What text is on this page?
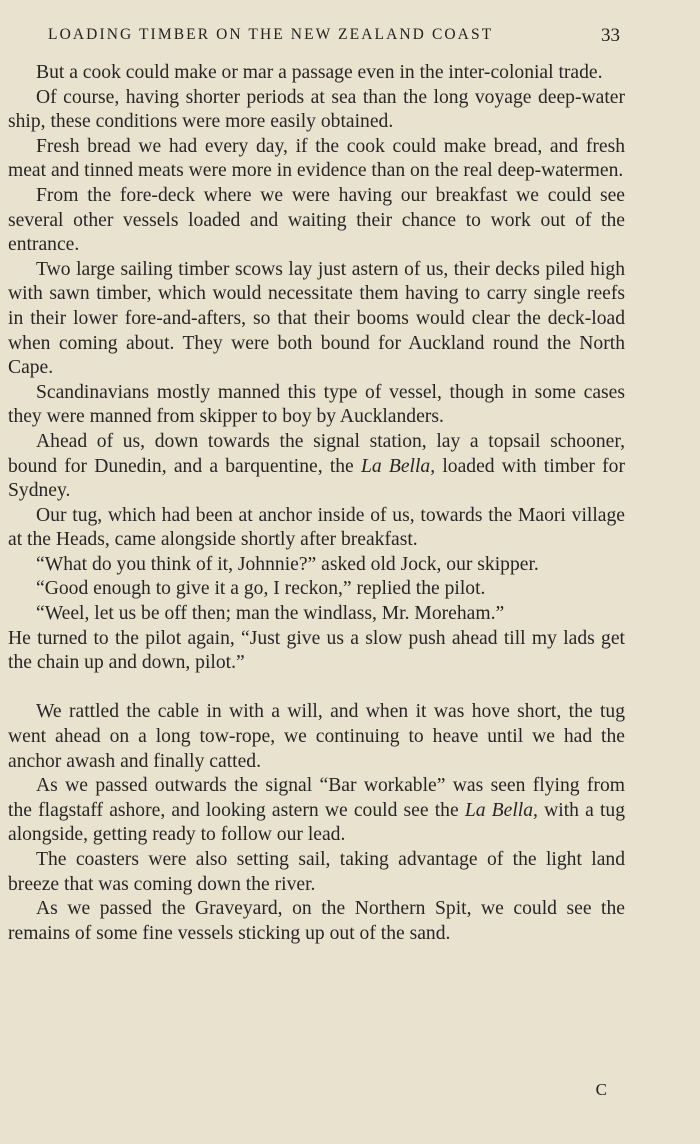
LOADING TIMBER ON THE NEW ZEALAND COAST	33

But a cook could make or mar a passage even in the inter-colonial trade.

Of course, having shorter periods at sea than the long voyage deep-water ship, these conditions were more easily obtained.

Fresh bread we had every day, if the cook could make bread, and fresh meat and tinned meats were more in evidence than on the real deep-watermen.

From the fore-deck where we were having our breakfast we could see several other vessels loaded and waiting their chance to work out of the entrance.

Two large sailing timber scows lay just astern of us, their decks piled high with sawn timber, which would necessitate them having to carry single reefs in their lower fore-and-afters, so that their booms would clear the deck-load when coming about. They were both bound for Auckland round the North Cape.

Scandinavians mostly manned this type of vessel, though in some cases they were manned from skipper to boy by Aucklanders.

Ahead of us, down towards the signal station, lay a topsail schooner, bound for Dunedin, and a barquentine, the La Bella, loaded with timber for Sydney.

Our tug, which had been at anchor inside of us, towards the Maori village at the Heads, came alongside shortly after breakfast.

“What do you think of it, Johnnie?” asked old Jock, our skipper.

“Good enough to give it a go, I reckon,” replied the pilot.

“Weel, let us be off then; man the windlass, Mr. Moreham.”

He turned to the pilot again, “Just give us a slow push ahead till my lads get the chain up and down, pilot.”

We rattled the cable in with a will, and when it was hove short, the tug went ahead on a long tow-rope, we continuing to heave until we had the anchor awash and finally catted.

As we passed outwards the signal “Bar workable” was seen flying from the flagstaff ashore, and looking astern we could see the La Bella, with a tug alongside, getting ready to follow our lead.

The coasters were also setting sail, taking advantage of the light land breeze that was coming down the river.

As we passed the Graveyard, on the Northern Spit, we could see the remains of some fine vessels sticking up out of the sand.

C
